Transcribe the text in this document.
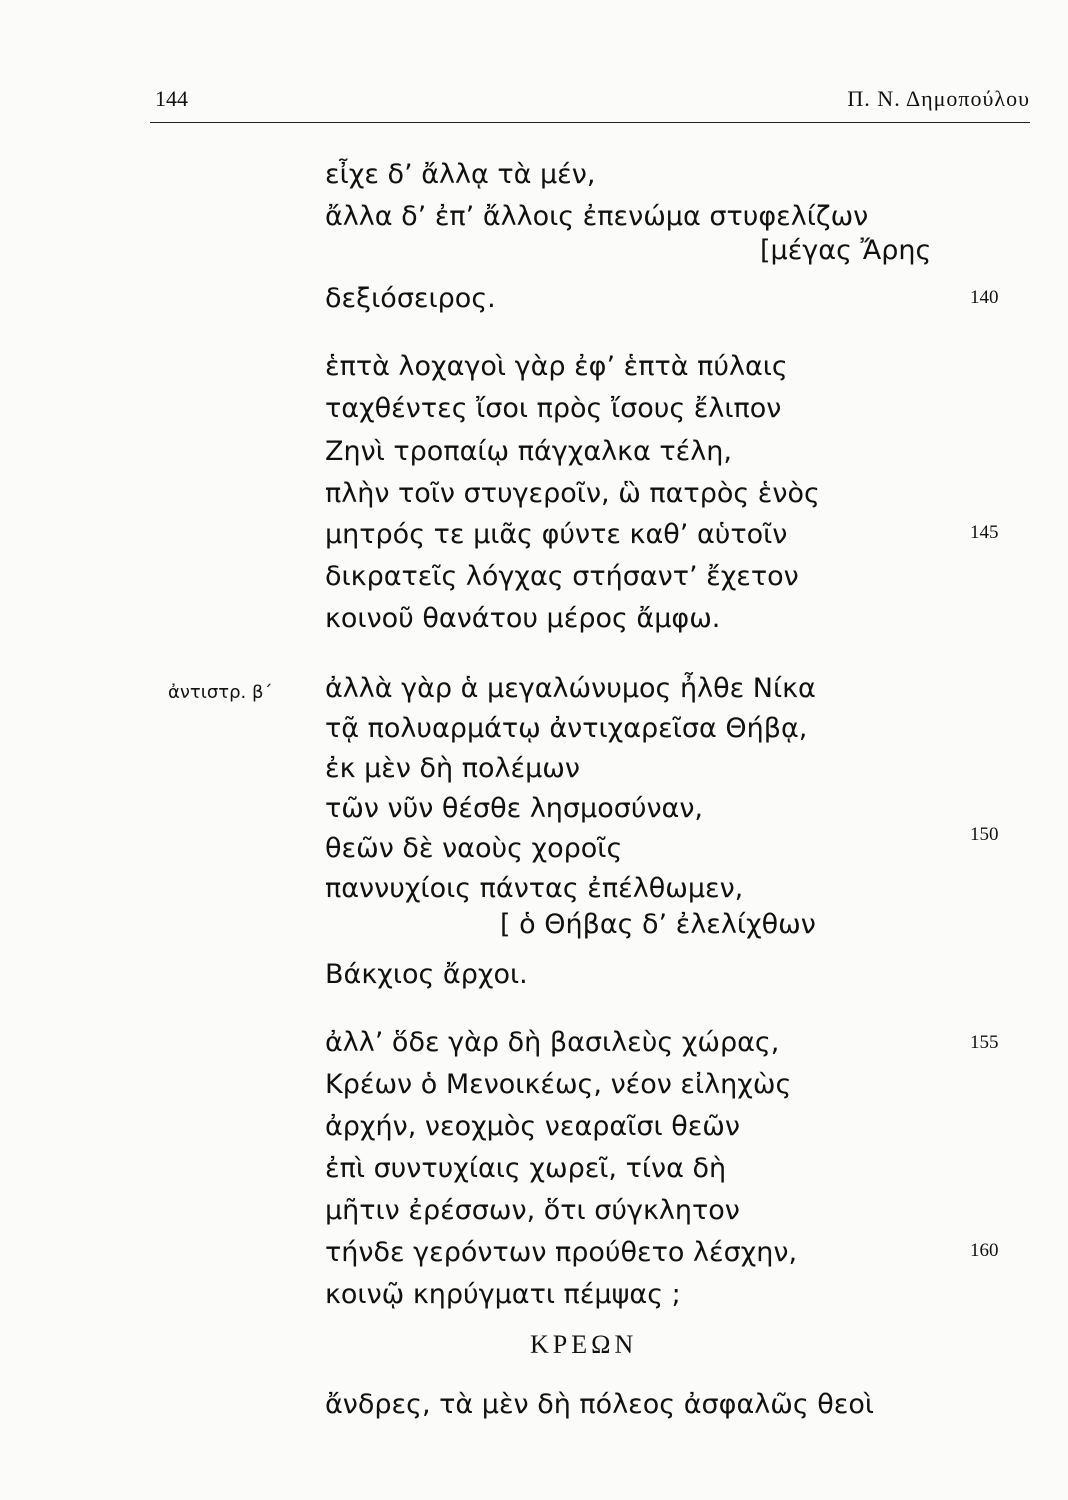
144	Π. Ν. Δημοπούλου
εἶχε δ’ ἄλλᾳ τὰ μέν,
ἄλλα δ’ ἐπ’ ἄλλοις ἐπενώμα στυφελίζων
[μέγας Ἄρης
δεξιόσειρος.	140
ἑπτὰ λοχαγοὶ γὰρ ἐφ’ ἑπτὰ πύλαις
ταχθέντες ἴσοι πρὸς ἴσους ἔλιπον
Ζηνὶ τροπαίῳ πάγχαλκα τέλη,
πλὴν τοῖν στυγεροῖν, ὣ πατρὸς ἑνὸς
μητρός τε μιᾶς φύντε καθ’ αὑτοῖν	145
δικρατεῖς λόγχας στήσαντ’ ἔχετον
κοινοῦ θανάτου μέρος ἄμφω.
ἀντιστρ. β΄ ἀλλὰ γὰρ ἁ μεγαλώνυμος ἦλθε Νίκα
τᾷ πολυαρμάτῳ ἀντιχαρεῖσα Θήβᾳ,
ἐκ μὲν δὴ πολέμων
τῶν νῦν θέσθε λησμοσύναν,
150
θεῶν δὲ ναοὺς χοροῖς
παννυχίοις πάντας ἐπέλθωμεν,
[ ὁ Θήβας δ’ ἐλελίχθων
Βάκχιος ἄρχοι.
ἀλλ’ ὅδε γὰρ δὴ βασιλεὺς χώρας,	155
Κρέων ὁ Μενοικέως, νέον εἰληχὼς
ἀρχήν, νεοχμὸς νεαραῖσι θεῶν
ἐπὶ συντυχίαις χωρεῖ, τίνα δὴ
μῆτιν ἐρέσσων, ὅτι σύγκλητον
τήνδε γερόντων προύθετο λέσχην,	160
κοινῷ κηρύγματι πέμψας ;
ΚΡΕΩΝ
ἄνδρες, τὰ μὲν δὴ πόλεος ἀσφαλῶς θεοὶ
